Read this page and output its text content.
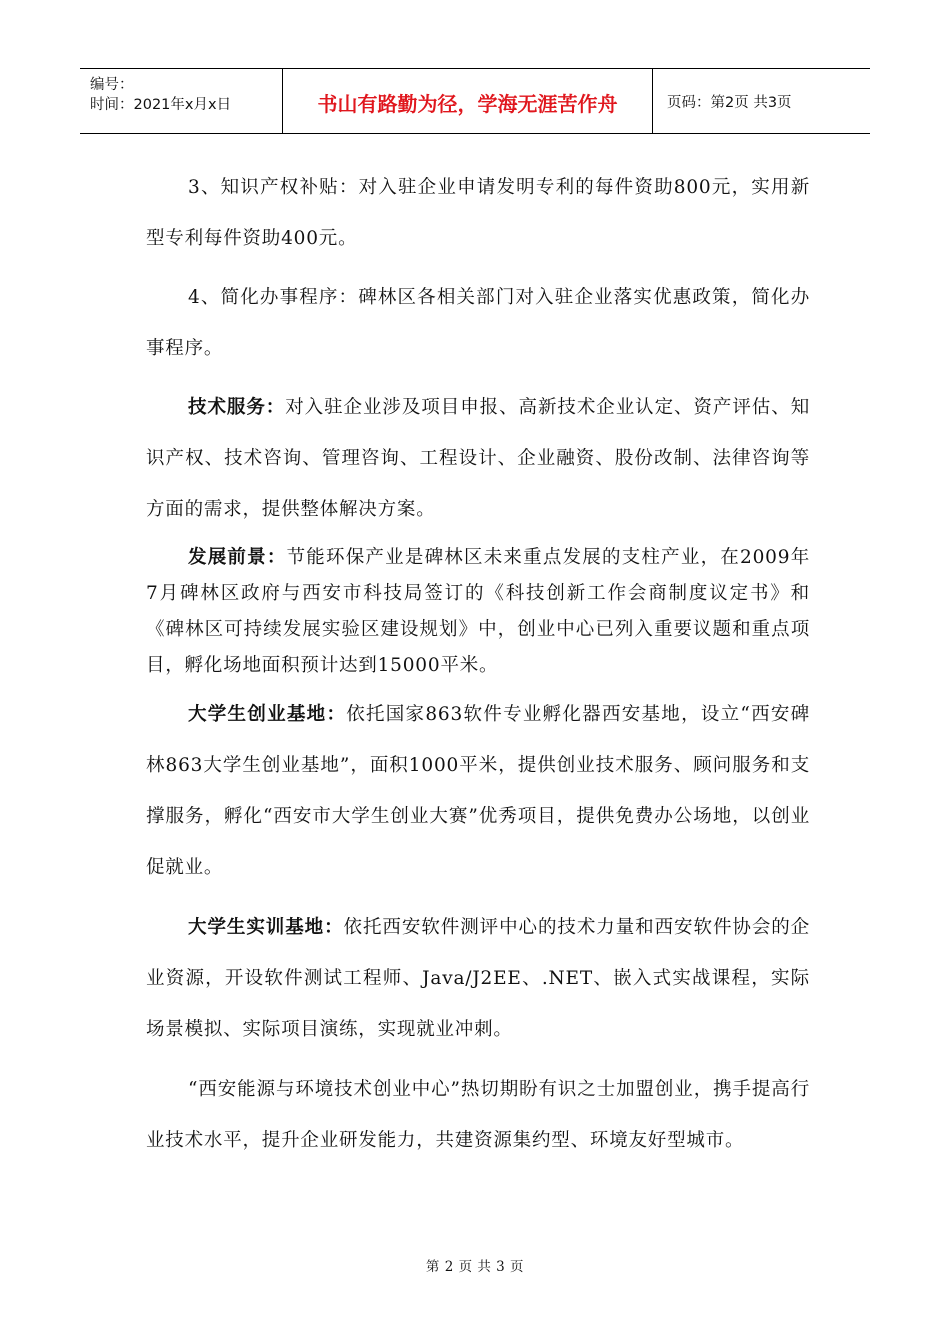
编号：
时间：2021年x月x日	书山有路勤为径，学海无涯苦作舟	页码：第2页 共3页

3、知识产权补贴：对入驻企业申请发明专利的每件资助800元，实用新型专利每件资助400元。

4、简化办事程序：碑林区各相关部门对入驻企业落实优惠政策，简化办事程序。

技术服务：对入驻企业涉及项目申报、高新技术企业认定、资产评估、知识产权、技术咨询、管理咨询、工程设计、企业融资、股份改制、法律咨询等方面的需求，提供整体解决方案。

发展前景：节能环保产业是碑林区未来重点发展的支柱产业，在2009年7月碑林区政府与西安市科技局签订的《科技创新工作会商制度议定书》和《碑林区可持续发展实验区建设规划》中，创业中心已列入重要议题和重点项目，孵化场地面积预计达到15000平米。

大学生创业基地：依托国家863软件专业孵化器西安基地，设立“西安碑林863大学生创业基地”，面积1000平米，提供创业技术服务、顾问服务和支撑服务，孵化“西安市大学生创业大赛”优秀项目，提供免费办公场地，以创业促就业。

大学生实训基地：依托西安软件测评中心的技术力量和西安软件协会的企业资源，开设软件测试工程师、Java/J2EE、.NET、嵌入式实战课程，实际场景模拟、实际项目演练，实现就业冲刺。

“西安能源与环境技术创业中心”热切期盼有识之士加盟创业，携手提高行业技术水平，提升企业研发能力，共建资源集约型、环境友好型城市。

第 2 页 共 3 页
